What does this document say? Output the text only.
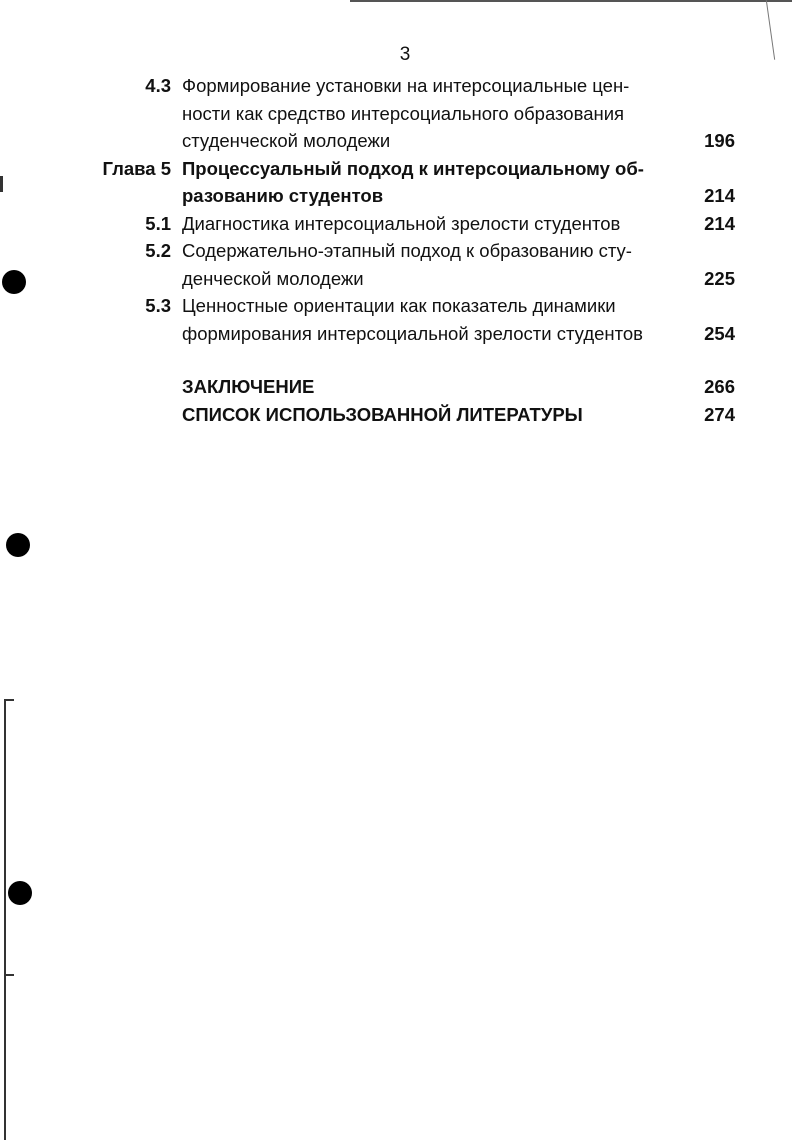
3
4.3 Формирование установки на интерсоциальные цен-
ности как средство интерсоциального образования
студенческой молодежи	196
Глава 5 Процессуальный подход к интерсоциальному об-
разованию студентов	214
5.1 Диагностика интерсоциальной зрелости студентов	214
5.2 Содержательно-этапный подход к образованию сту-
денческой молодежи	225
5.3 Ценностные ориентации как показатель динамики
формирования интерсоциальной зрелости студентов	254
ЗАКЛЮЧЕНИЕ	266
СПИСОК ИСПОЛЬЗОВАННОЙ ЛИТЕРАТУРЫ	274
